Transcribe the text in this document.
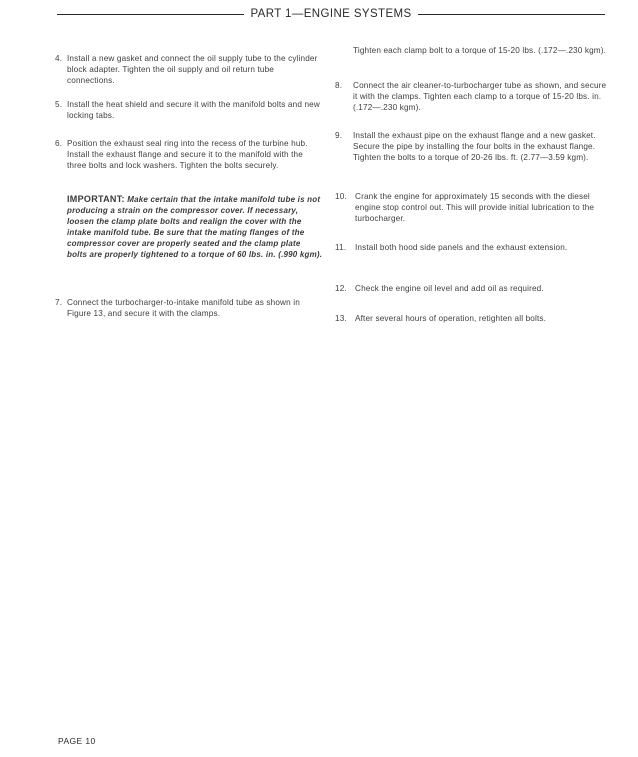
PART 1—ENGINE SYSTEMS
4. Install a new gasket and connect the oil supply tube to the cylinder block adapter. Tighten the oil supply and oil return tube connections.
5. Install the heat shield and secure it with the manifold bolts and new locking tabs.
6. Position the exhaust seal ring into the recess of the turbine hub. Install the exhaust flange and secure it to the manifold with the three bolts and lock washers. Tighten the bolts securely.
IMPORTANT: Make certain that the intake manifold tube is not producing a strain on the compressor cover. If necessary, loosen the clamp plate bolts and realign the cover with the intake manifold tube. Be sure that the mating flanges of the compressor cover are properly seated and the clamp plate bolts are properly tightened to a torque of 60 lbs. in. (.990 kgm).
7. Connect the turbocharger-to-intake manifold tube as shown in Figure 13, and secure it with the clamps.
Tighten each clamp bolt to a torque of 15-20 lbs. (.172—.230 kgm).
8.	Connect the air cleaner-to-turbocharger tube as shown, and secure it with the clamps. Tighten each clamp to a torque of 15-20 lbs. in. (.172—.230 kgm).
9.	Install the exhaust pipe on the exhaust flange and a new gasket. Secure the pipe by installing the four bolts in the exhaust flange. Tighten the bolts to a torque of 20-26 lbs. ft. (2.77—3.59 kgm).
10. Crank the engine for approximately 15 seconds with the diesel engine stop control out. This will provide initial lubrication to the turbocharger.
11.	Install both hood side panels and the exhaust extension.
12. Check the engine oil level and add oil as required.
13. After several hours of operation, retighten all bolts.
PAGE 10
